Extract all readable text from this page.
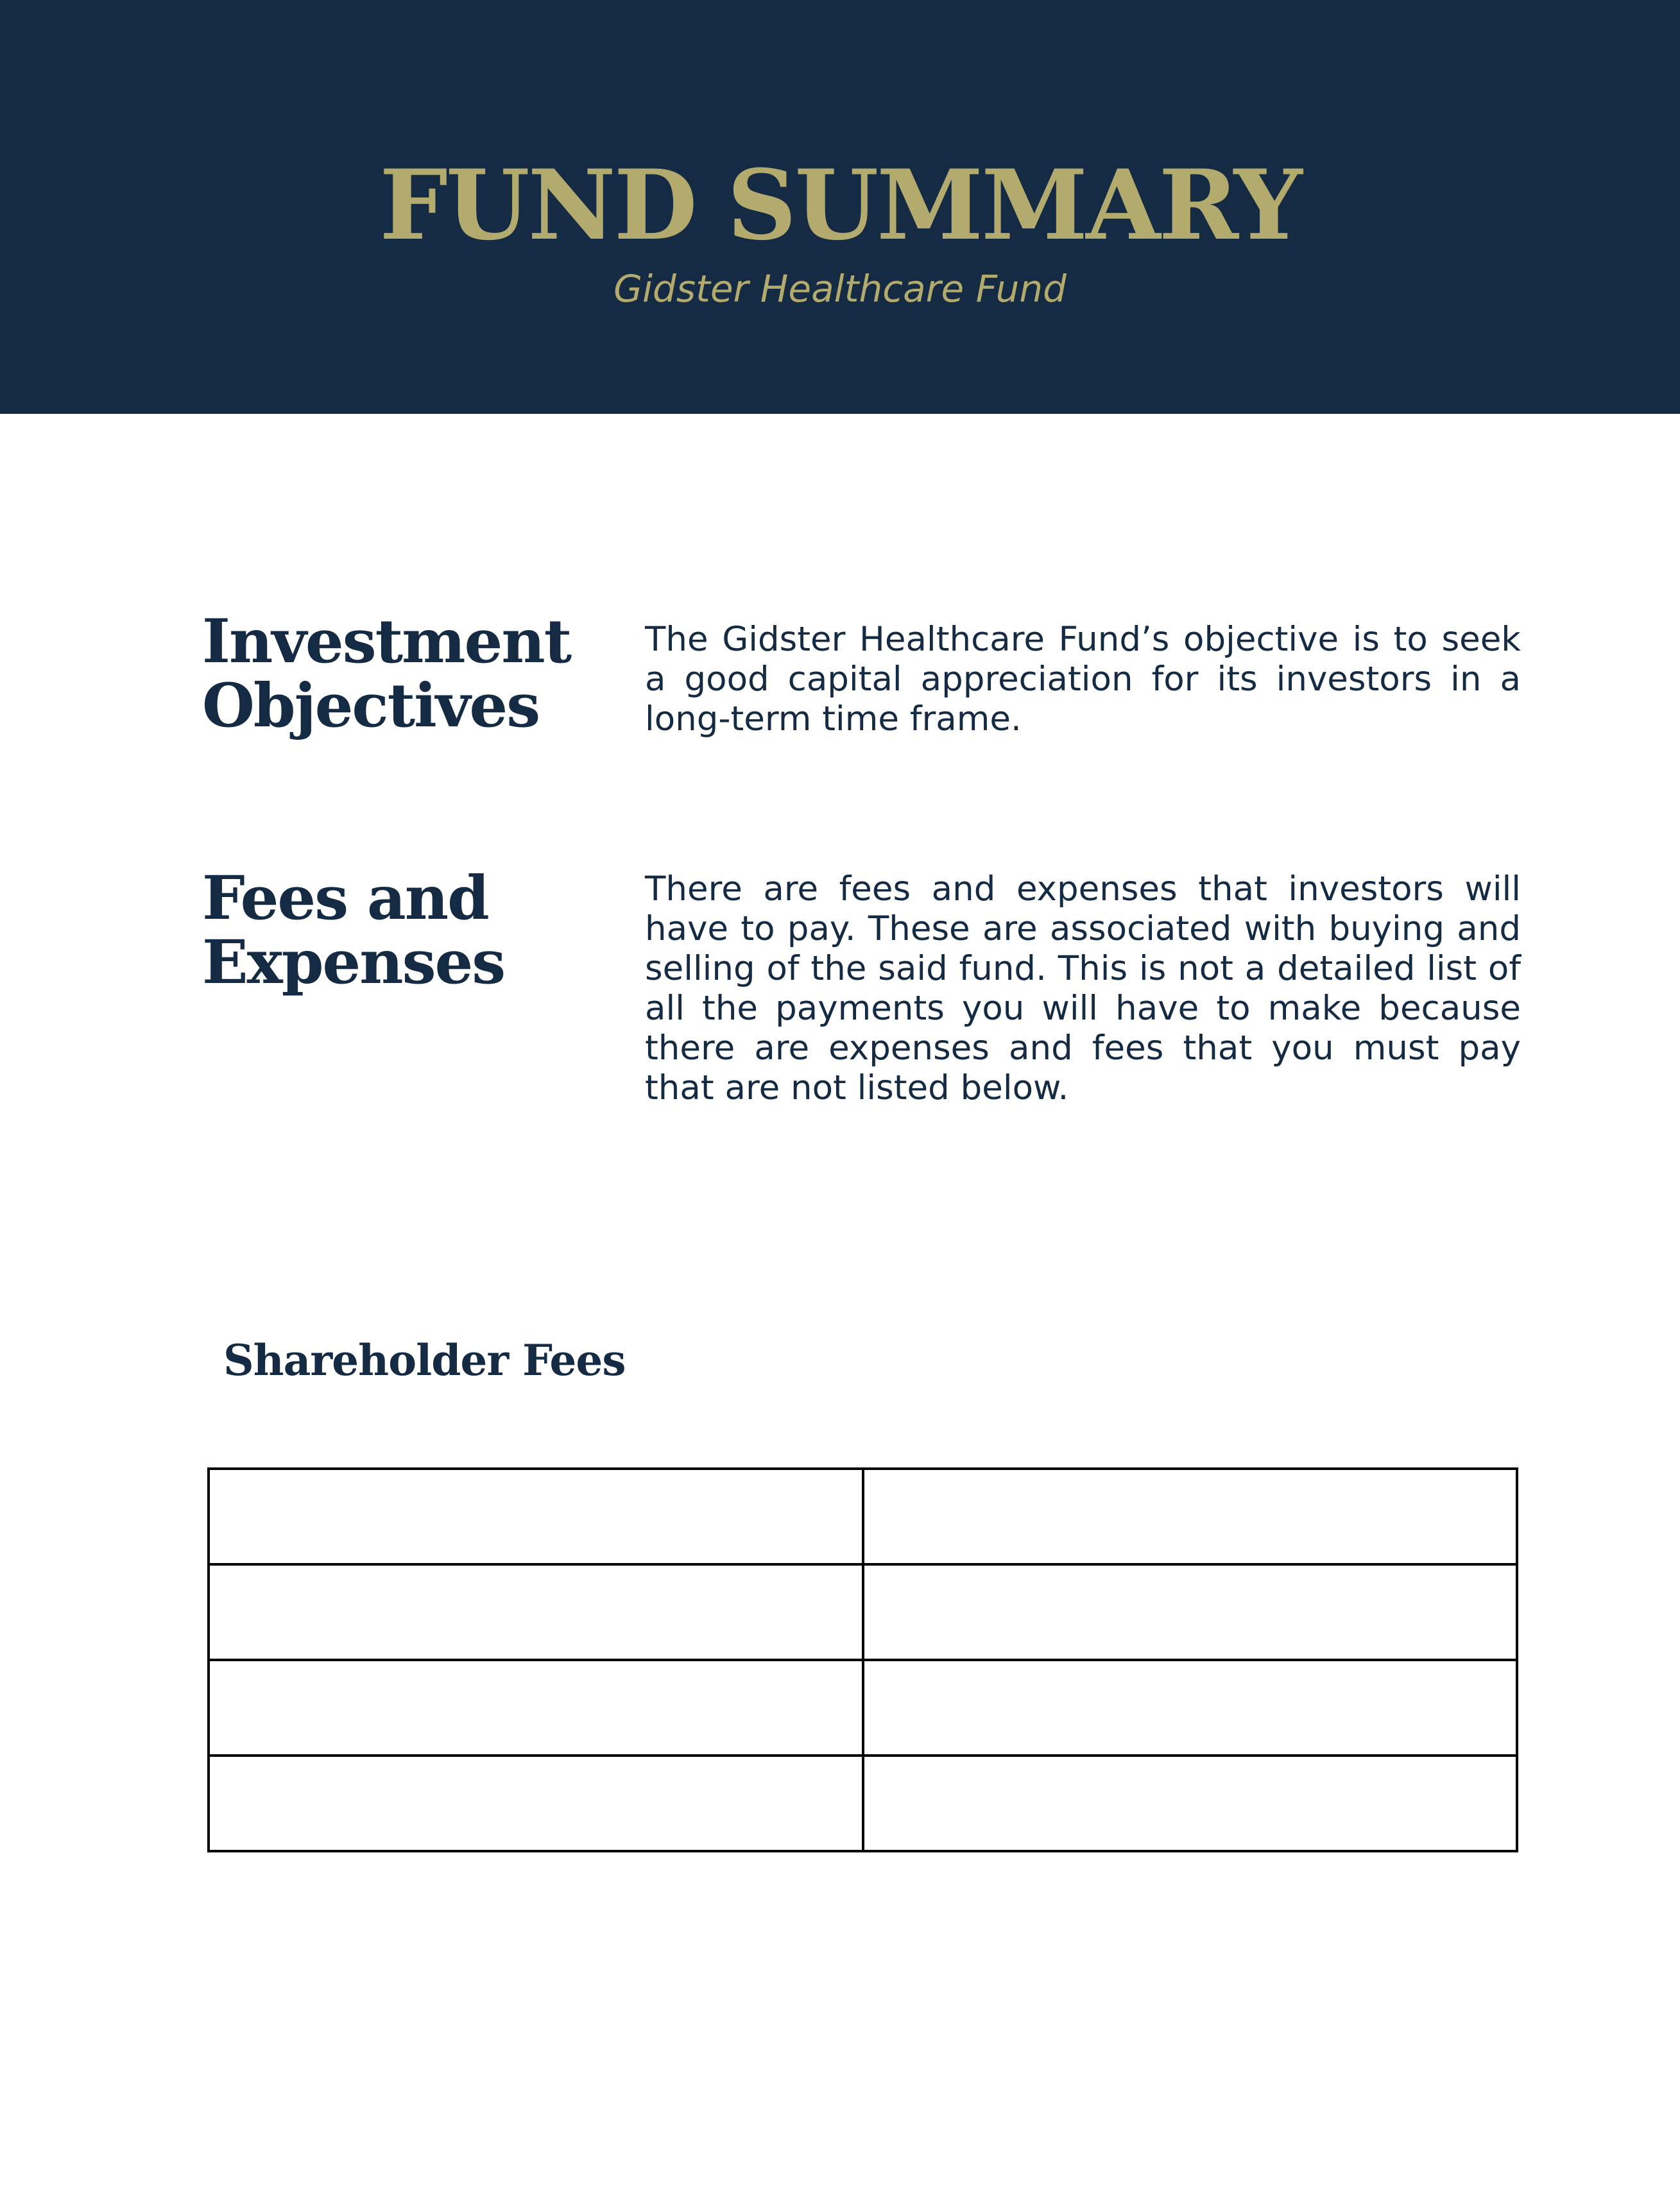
FUND SUMMARY
Gidster Healthcare Fund
Investment
Objectives

The Gidster Healthcare Fund’s objective is to seek a good capital appreciation for its investors in a long-term time frame.

Fees and
Expenses

There are fees and expenses that investors will have to pay. These are associated with buying and selling of the said fund. This is not a detailed list of all the payments you will have to make because there are expenses and fees that you must pay that are not listed below.

Shareholder Fees
